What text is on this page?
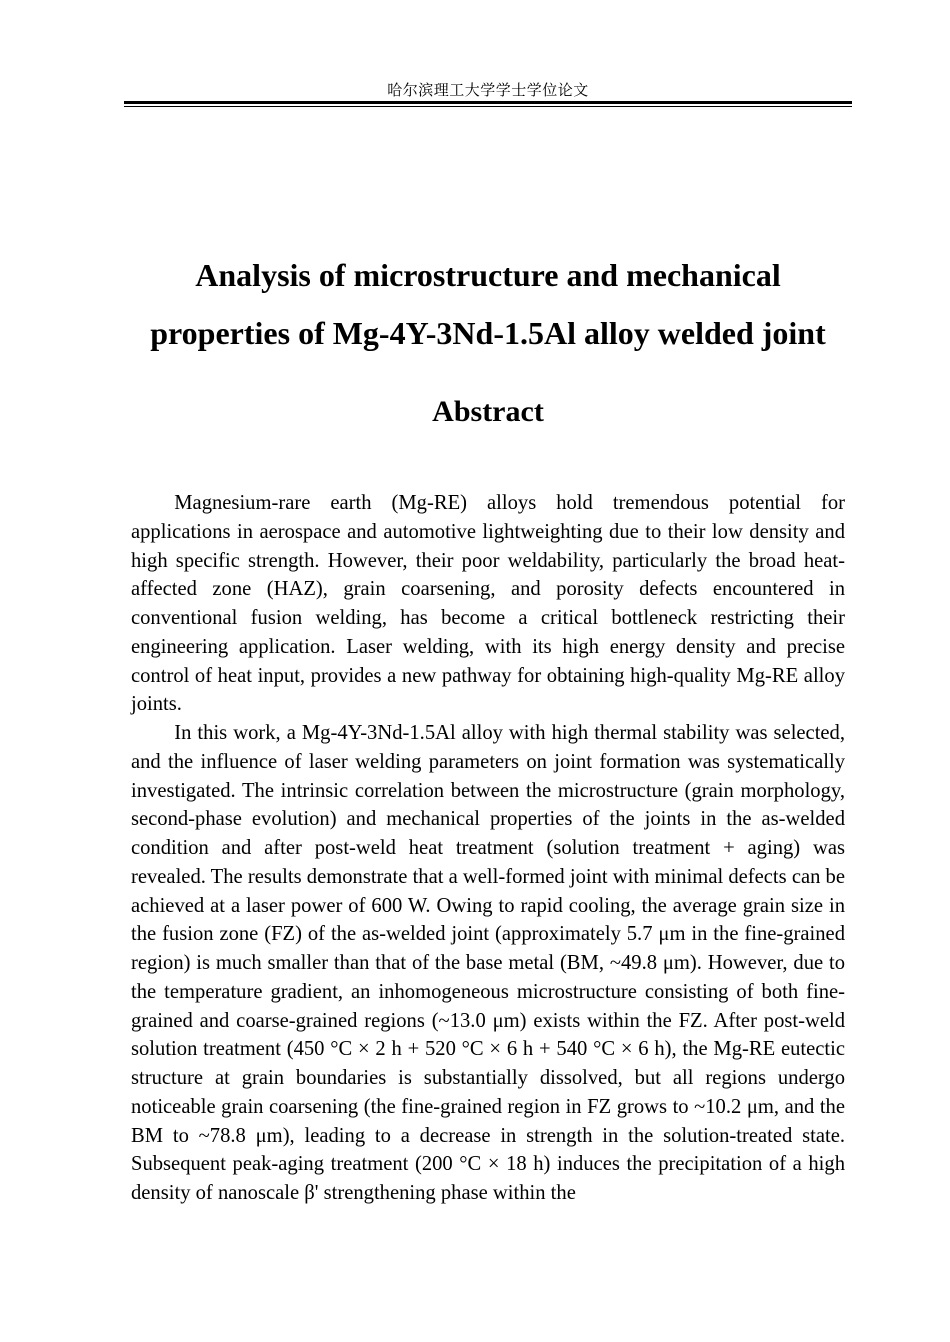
哈尔滨理工大学学士学位论文
Analysis of microstructure and mechanical
properties of Mg-4Y-3Nd-1.5Al alloy welded joint
Abstract

Magnesium-rare earth (Mg-RE) alloys hold tremendous potential for applications in aerospace and automotive lightweighting due to their low density and high specific strength. However, their poor weldability, particularly the broad heat-affected zone (HAZ), grain coarsening, and porosity defects encountered in conventional fusion welding, has become a critical bottleneck restricting their engineering application. Laser welding, with its high energy density and precise control of heat input, provides a new pathway for obtaining high-quality Mg-RE alloy joints.

In this work, a Mg-4Y-3Nd-1.5Al alloy with high thermal stability was selected, and the influence of laser welding parameters on joint formation was systematically investigated. The intrinsic correlation between the microstructure (grain morphology, second-phase evolution) and mechanical properties of the joints in the as-welded condition and after post-weld heat treatment (solution treatment + aging) was revealed. The results demonstrate that a well-formed joint with minimal defects can be achieved at a laser power of 600 W. Owing to rapid cooling, the average grain size in the fusion zone (FZ) of the as-welded joint (approximately 5.7 μm in the fine-grained region) is much smaller than that of the base metal (BM, ~49.8 μm). However, due to the temperature gradient, an inhomogeneous microstructure consisting of both fine-grained and coarse-grained regions (~13.0 μm) exists within the FZ. After post-weld solution treatment (450 °C × 2 h + 520 °C × 6 h + 540 °C × 6 h), the Mg-RE eutectic structure at grain boundaries is substantially dissolved, but all regions undergo noticeable grain coarsening (the fine-grained region in FZ grows to ~10.2 μm, and the BM to ~78.8 μm), leading to a decrease in strength in the solution-treated state. Subsequent peak-aging treatment (200 °C × 18 h) induces the precipitation of a high density of nanoscale β' strengthening phase within the
